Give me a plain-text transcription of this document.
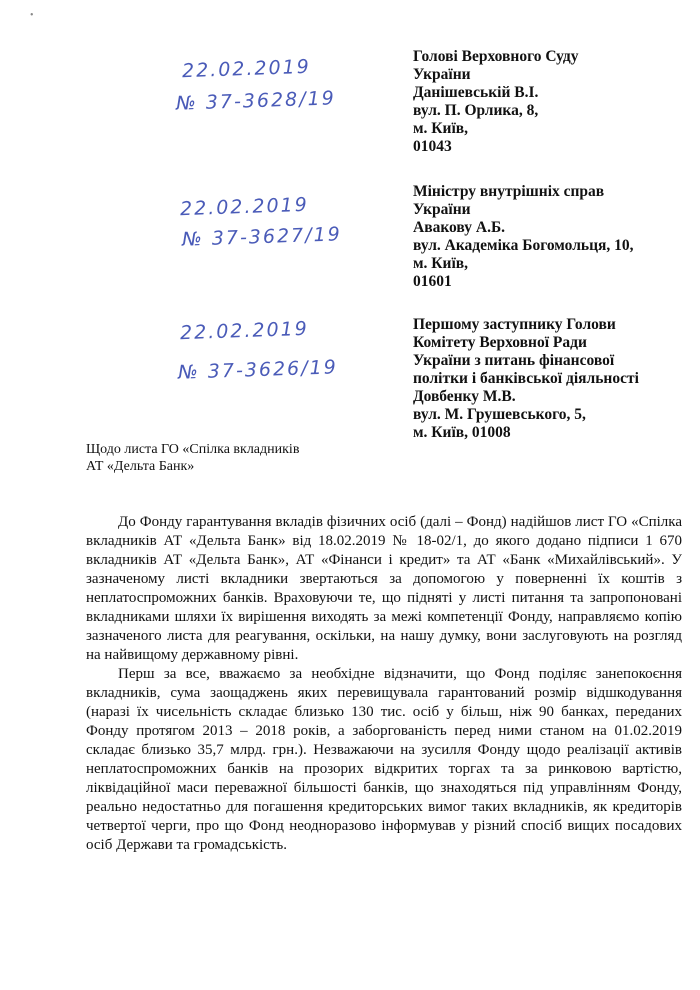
•
22.02.2019
№ 37-3628/19
22.02.2019
№ 37-3627/19
22.02.2019
№ 37-3626/19
Голові Верховного Суду
України
Данішевській В.І.
вул. П. Орлика, 8,
м. Київ,
01043
Міністру внутрішніх справ
України
Авакову А.Б.
вул. Академіка Богомольця, 10,
м. Київ,
01601
Першому заступнику Голови
Комітету Верховної Ради
України з питань фінансової
політки і банківської діяльності
Довбенку М.В.
вул. М. Грушевського, 5,
м. Київ, 01008
Щодо листа ГО «Спілка вкладників
АТ «Дельта Банк»

До Фонду гарантування вкладів фізичних осіб (далі – Фонд) надійшов лист ГО «Спілка вкладників АТ «Дельта Банк» від 18.02.2019 № 18-02/1, до якого додано підписи 1 670 вкладників АТ «Дельта Банк», АТ «Фінанси і кредит» та АТ «Банк «Михайлівський». У зазначеному листі вкладники звертаються за допомогою у поверненні їх коштів з неплатоспроможних банків. Враховуючи те, що підняті у листі питання та запропоновані вкладниками шляхи їх вирішення виходять за межі компетенції Фонду, направляємо копію зазначеного листа для реагування, оскільки, на нашу думку, вони заслуговують на розгляд на найвищому державному рівні.

Перш за все, вважаємо за необхідне відзначити, що Фонд поділяє занепокоєння вкладників, сума заощаджень яких перевищувала гарантований розмір відшкодування (наразі їх чисельність складає близько 130 тис. осіб у більш, ніж 90 банках, переданих Фонду протягом 2013 – 2018 років, а заборгованість перед ними станом на 01.02.2019 складає близько 35,7 млрд. грн.). Незважаючи на зусилля Фонду щодо реалізації активів неплатоспроможних банків на прозорих відкритих торгах та за ринковою вартістю, ліквідаційної маси переважної більшості банків, що знаходяться під управлінням Фонду, реально недостатньо для погашення кредиторських вимог таких вкладників, як кредиторів четвертої черги, про що Фонд неодноразово інформував у різний спосіб вищих посадових осіб Держави та громадськість.
